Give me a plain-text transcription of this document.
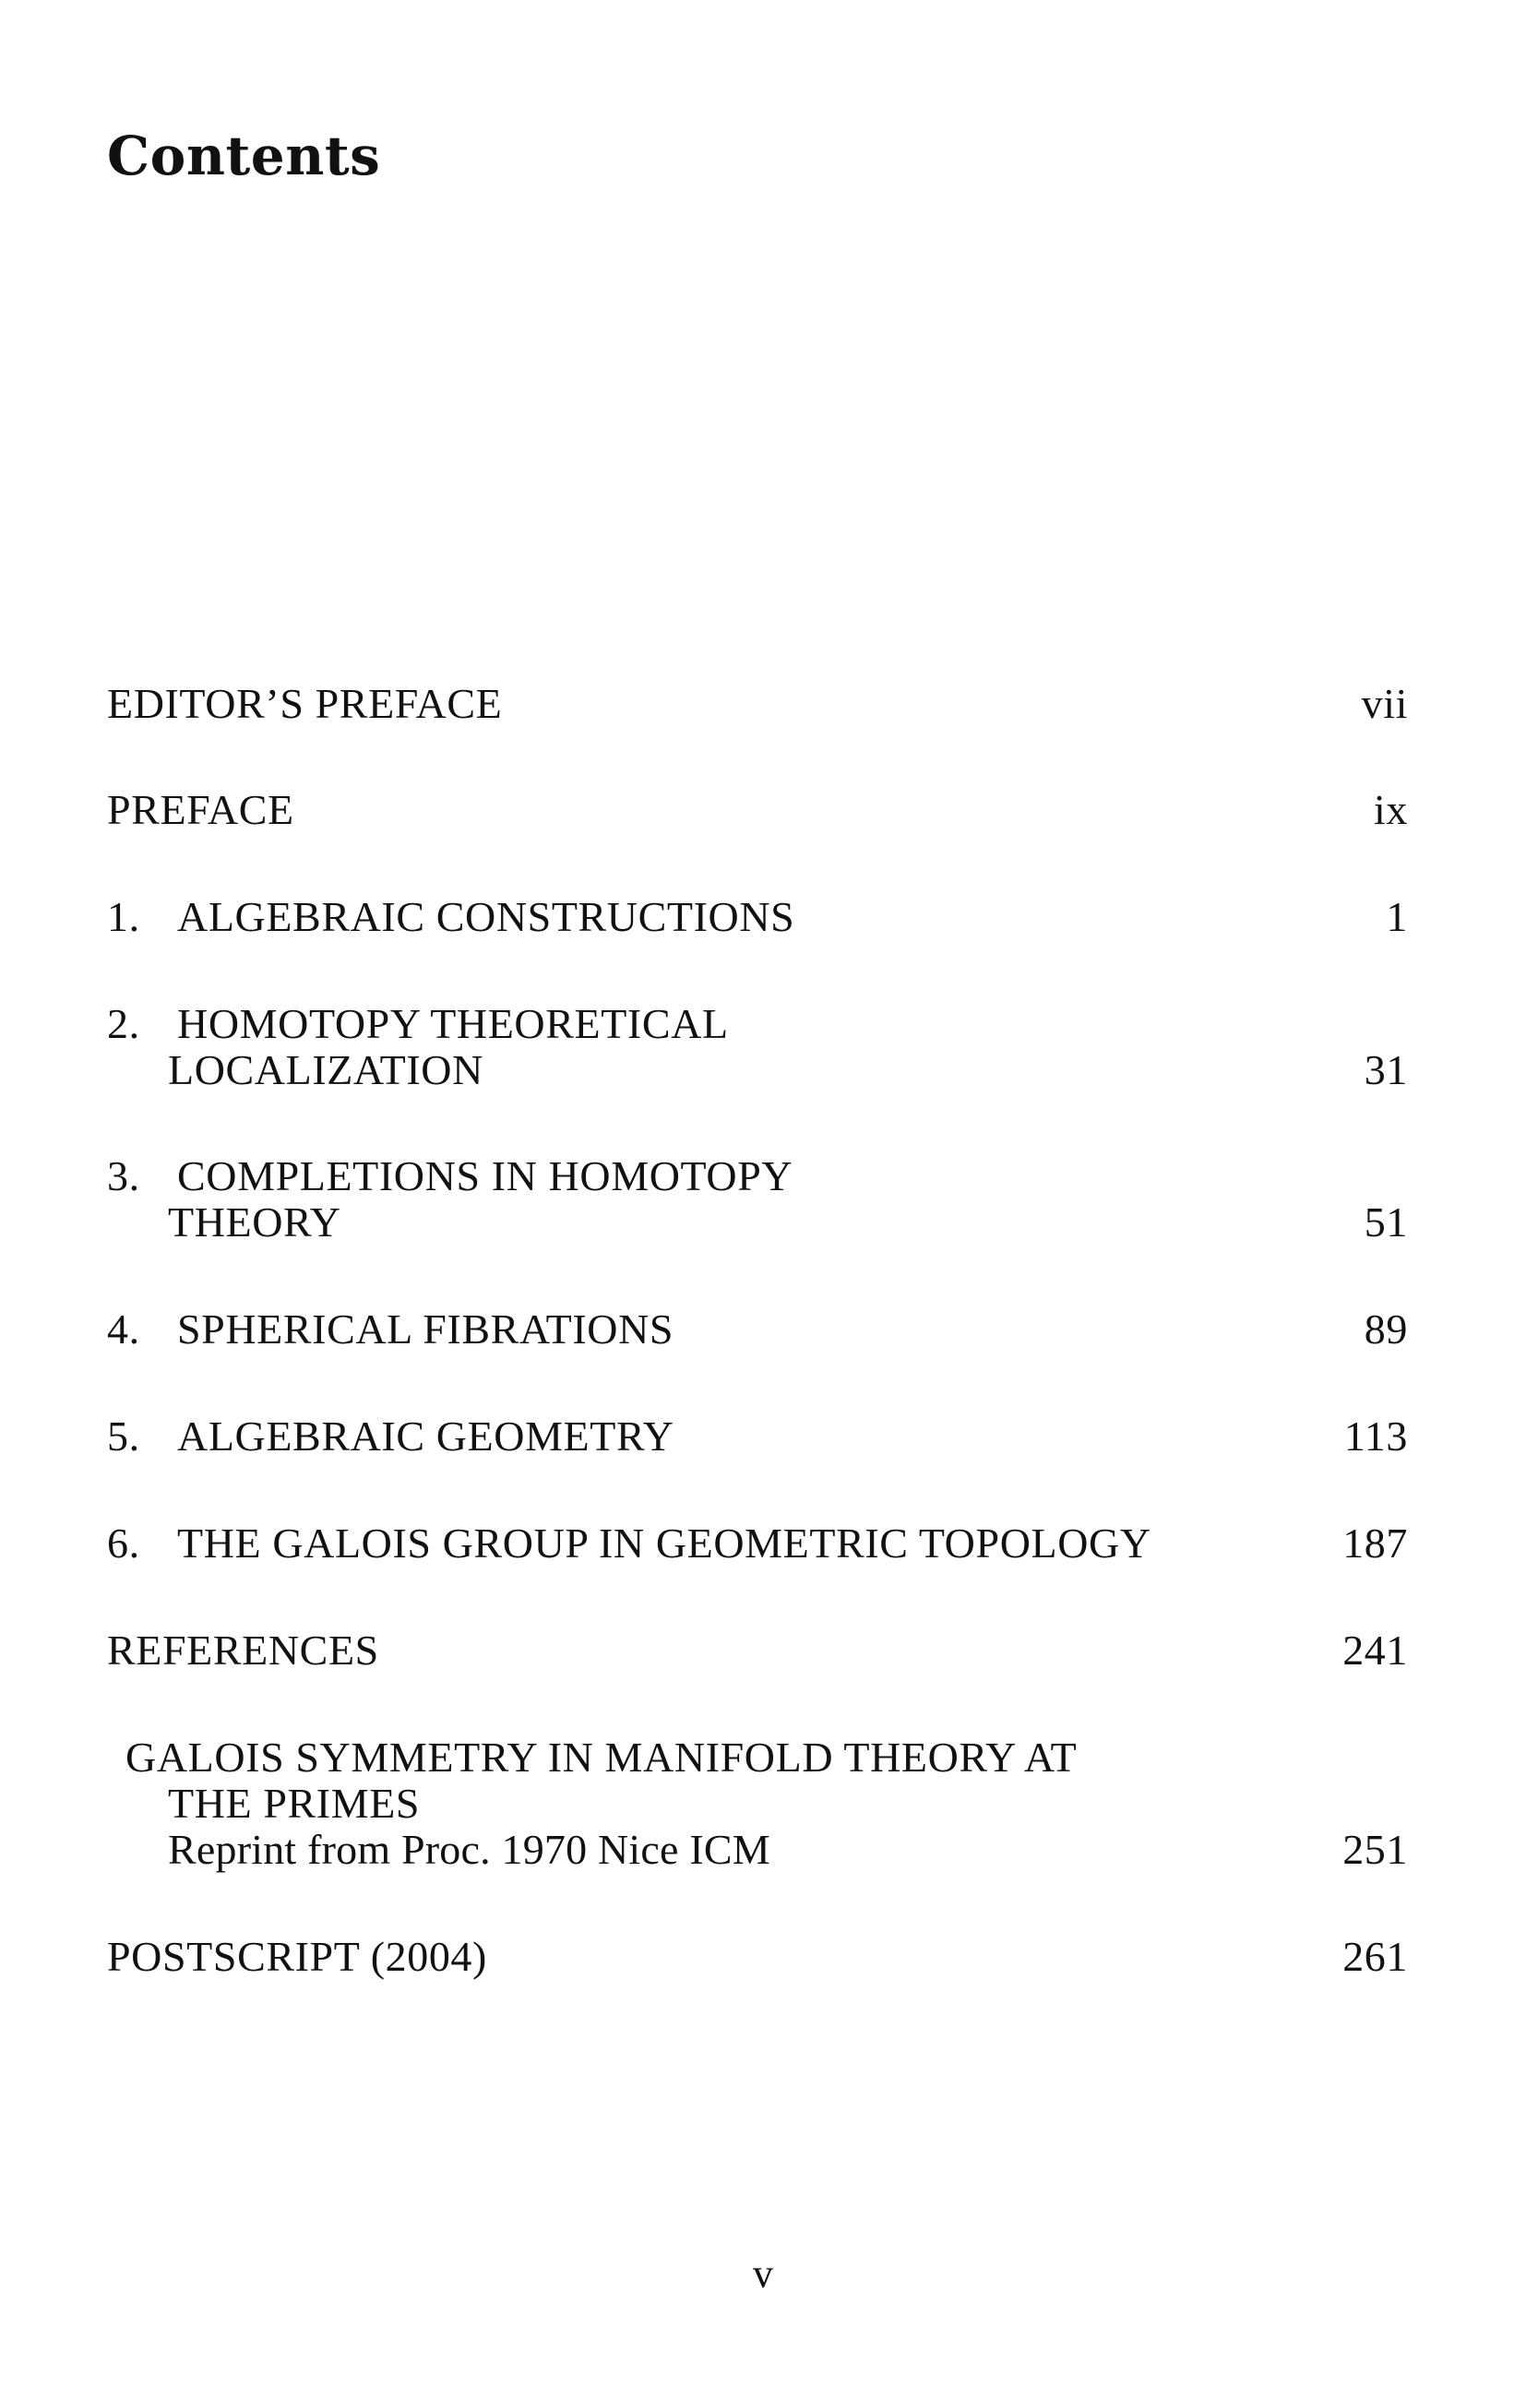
Contents
EDITOR’S PREFACE	vii
PREFACE	ix
1. ALGEBRAIC CONSTRUCTIONS	1
2. HOMOTOPY THEORETICAL
LOCALIZATION	31
3. COMPLETIONS IN HOMOTOPY
THEORY	51
4. SPHERICAL FIBRATIONS	89
5. ALGEBRAIC GEOMETRY	113
6. THE GALOIS GROUP IN GEOMETRIC TOPOLOGY	187
REFERENCES	241
GALOIS SYMMETRY IN MANIFOLD THEORY AT
THE PRIMES
Reprint from Proc. 1970 Nice ICM	251
POSTSCRIPT (2004)	261
v
